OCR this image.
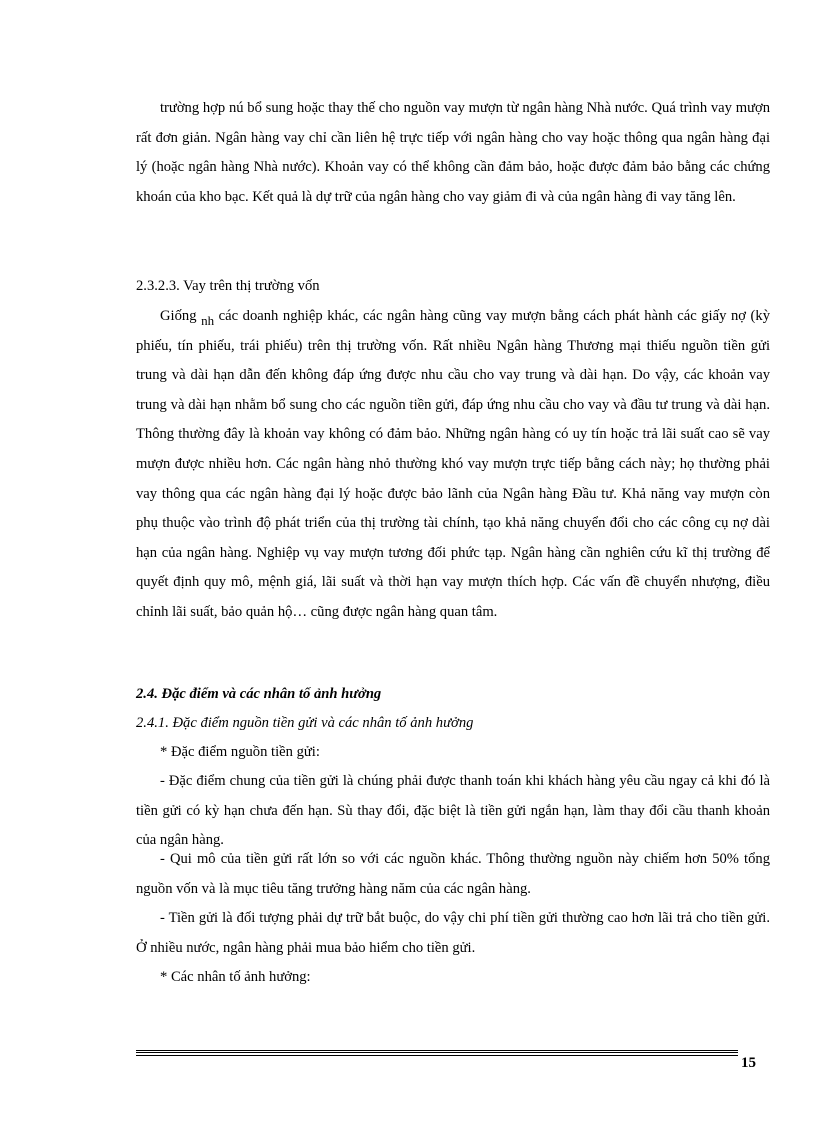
trường hợp nú bổ sung hoặc thay thế cho nguồn vay mượn từ ngân hàng Nhà nước. Quá trình vay mượn rất đơn giản. Ngân hàng vay chỉ cần liên hệ trực tiếp với ngân hàng cho vay hoặc thông qua ngân hàng đại lý (hoặc ngân hàng Nhà nước). Khoản vay có thể không cần đảm bảo, hoặc được đảm bảo bằng các chứng khoán của kho bạc. Kết quả là dự trữ của ngân hàng cho vay giảm đi và của ngân hàng đi vay tăng lên.

2.3.2.3. Vay trên thị trường vốn

Giống nh các doanh nghiệp khác, các ngân hàng cũng vay mượn bằng cách phát hành các giấy nợ (kỳ phiếu, tín phiếu, trái phiếu) trên thị trường vốn. Rất nhiều Ngân hàng Thương mại thiếu nguồn tiền gửi trung và dài hạn dẫn đến không đáp ứng được nhu cầu cho vay trung và dài hạn. Do vậy, các khoản vay trung và dài hạn nhằm bổ sung cho các nguồn tiền gửi, đáp ứng nhu cầu cho vay và đầu tư trung và dài hạn. Thông thường đây là khoản vay không có đảm bảo. Những ngân hàng có uy tín hoặc trả lãi suất cao sẽ vay mượn được nhiều hơn. Các ngân hàng nhỏ thường khó vay mượn trực tiếp bằng cách này; họ thường phải vay thông qua các ngân hàng đại lý hoặc được bảo lãnh của Ngân hàng Đầu tư. Khả năng vay mượn còn phụ thuộc vào trình độ phát triển của thị trường tài chính, tạo khả năng chuyển đổi cho các công cụ nợ dài hạn của ngân hàng. Nghiệp vụ vay mượn tương đối phức tạp. Ngân hàng cần nghiên cứu kĩ thị trường để quyết định quy mô, mệnh giá, lãi suất và thời hạn vay mượn thích hợp. Các vấn đề chuyển nhượng, điều chỉnh lãi suất, bảo quản hộ… cũng được ngân hàng quan tâm.

2.4. Đặc điểm và các nhân tố ảnh hưởng

2.4.1. Đặc điểm nguồn tiền gửi và các nhân tố ảnh hưởng

* Đặc điểm nguồn tiền gửi:

- Đặc điểm chung của tiền gửi là chúng phải được thanh toán khi khách hàng yêu cầu ngay cả khi đó là tiền gửi có kỳ hạn chưa đến hạn. Sù thay đổi, đặc biệt là tiền gửi ngắn hạn, làm thay đổi cầu thanh khoản của ngân hàng.

- Qui mô của tiền gửi rất lớn so với các nguồn khác. Thông thường nguồn này chiếm hơn 50% tổng nguồn vốn và là mục tiêu tăng trưởng hàng năm của các ngân hàng.

- Tiền gửi là đối tượng phải dự trữ bắt buộc, do vậy chi phí tiền gửi thường cao hơn lãi trả cho tiền gửi. Ở nhiều nước, ngân hàng phải mua bảo hiểm cho tiền gửi.

* Các nhân tố ảnh hưởng:

15
